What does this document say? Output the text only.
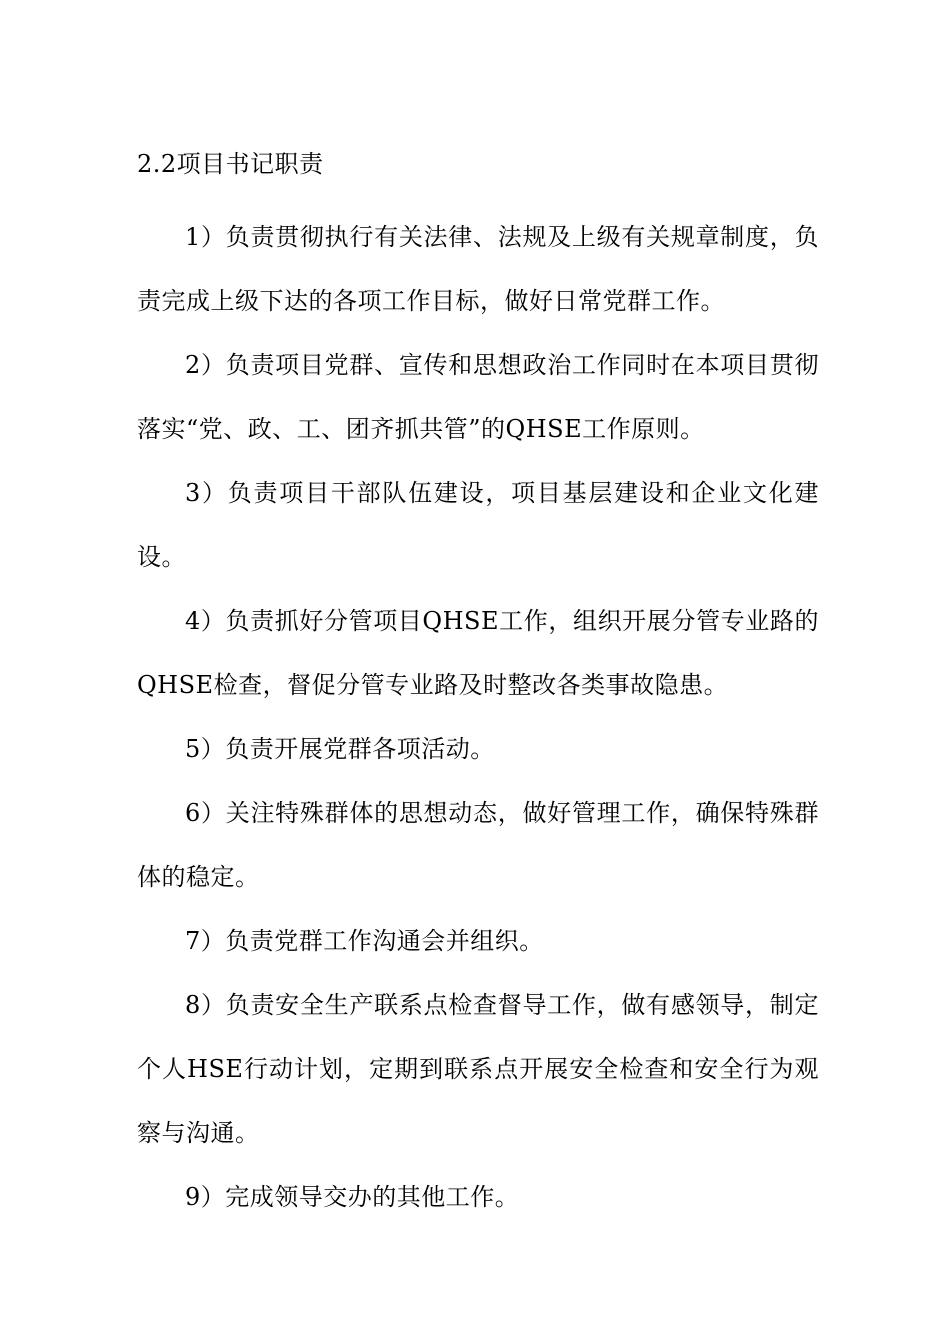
2.2项目书记职责

1）负责贯彻执行有关法律、法规及上级有关规章制度，负责完成上级下达的各项工作目标，做好日常党群工作。

2）负责项目党群、宣传和思想政治工作同时在本项目贯彻落实“党、政、工、团齐抓共管”的QHSE工作原则。

3）负责项目干部队伍建设，项目基层建设和企业文化建设。

4）负责抓好分管项目QHSE工作，组织开展分管专业路的QHSE检查，督促分管专业路及时整改各类事故隐患。

5）负责开展党群各项活动。

6）关注特殊群体的思想动态，做好管理工作，确保特殊群体的稳定。

7）负责党群工作沟通会并组织。

8）负责安全生产联系点检查督导工作，做有感领导，制定个人HSE行动计划，定期到联系点开展安全检查和安全行为观察与沟通。

9）完成领导交办的其他工作。
